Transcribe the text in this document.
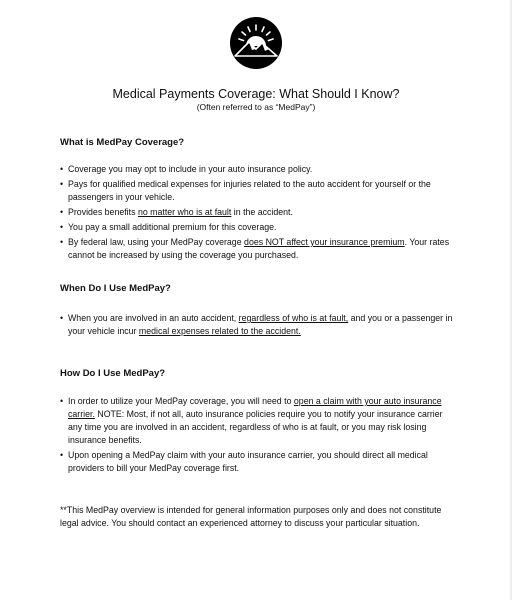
Medical Payments Coverage: What Should I Know?
(Often referred to as “MedPay”)
What is MedPay Coverage?
• Coverage you may opt to include in your auto insurance policy.
• Pays for qualified medical expenses for injuries related to the auto accident for yourself or the passengers in your vehicle.
• Provides benefits no matter who is at fault in the accident.
• You pay a small additional premium for this coverage.
• By federal law, using your MedPay coverage does NOT affect your insurance premium. Your rates cannot be increased by using the coverage you purchased.
When Do I Use MedPay?
• When you are involved in an auto accident, regardless of who is at fault, and you or a passenger in your vehicle incur medical expenses related to the accident.
How Do I Use MedPay?
• In order to utilize your MedPay coverage, you will need to open a claim with your auto insurance carrier. NOTE: Most, if not all, auto insurance policies require you to notify your insurance carrier any time you are involved in an accident, regardless of who is at fault, or you may risk losing insurance benefits.
• Upon opening a MedPay claim with your auto insurance carrier, you should direct all medical providers to bill your MedPay coverage first.
**This MedPay overview is intended for general information purposes only and does not constitute legal advice. You should contact an experienced attorney to discuss your particular situation.
